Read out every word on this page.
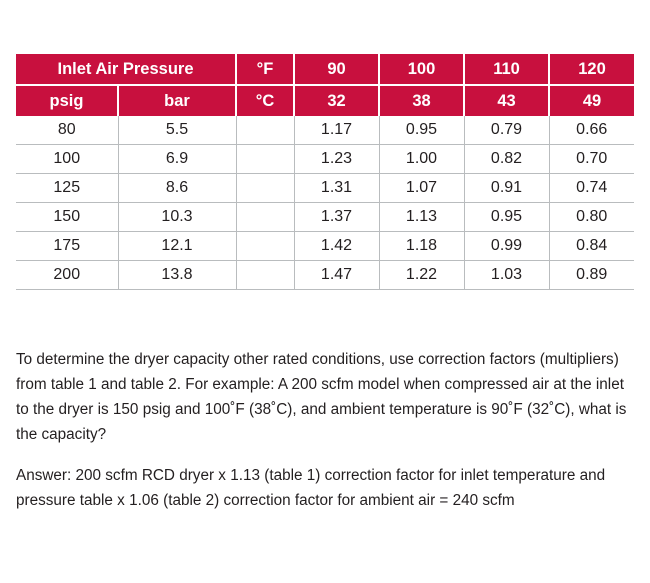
Inlet Air Pressure		°F	90	100	110	120
psig	bar	°C	32	38	43	49
80	5.5		1.17	0.95	0.79	0.66
100	6.9		1.23	1.00	0.82	0.70
125	8.6		1.31	1.07	0.91	0.74
150	10.3		1.37	1.13	0.95	0.80
175	12.1		1.42	1.18	0.99	0.84
200	13.8		1.47	1.22	1.03	0.89

To determine the dryer capacity other rated conditions, use correction factors (multipliers) from table 1 and table 2. For example: A 200 scfm model when compressed air at the inlet to the dryer is 150 psig and 100˚F (38˚C), and ambient temperature is 90˚F (32˚C), what is the capacity?

Answer: 200 scfm RCD dryer x 1.13 (table 1) correction factor for inlet temperature and pressure table x 1.06 (table 2) correction factor for ambient air = 240 scfm
